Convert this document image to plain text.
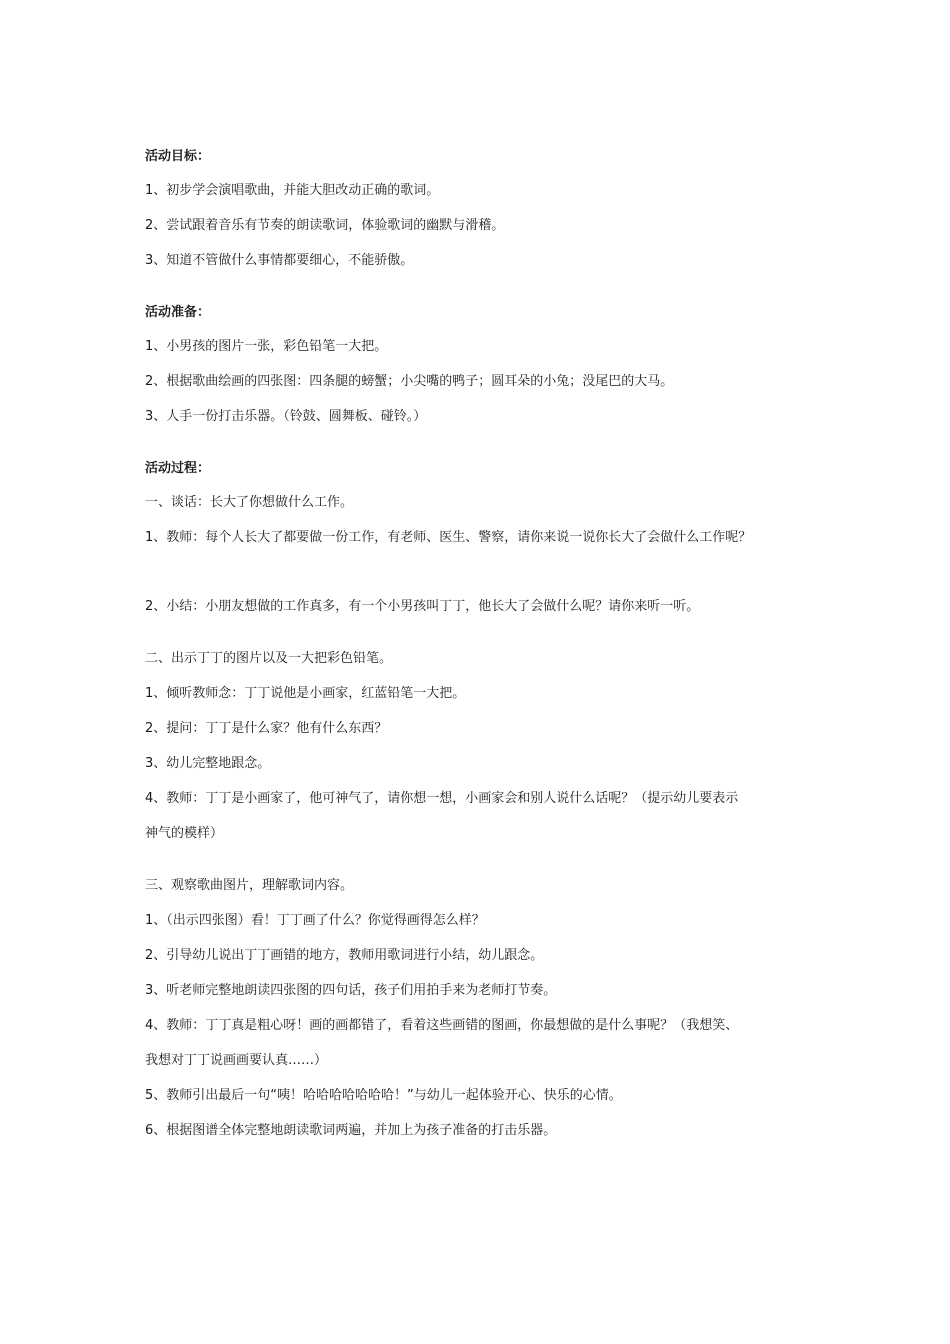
活动目标：
1、初步学会演唱歌曲，并能大胆改动正确的歌词。
2、尝试跟着音乐有节奏的朗读歌词，体验歌词的幽默与滑稽。
3、知道不管做什么事情都要细心，不能骄傲。
活动准备：
1、小男孩的图片一张，彩色铅笔一大把。
2、根据歌曲绘画的四张图：四条腿的螃蟹；小尖嘴的鸭子；圆耳朵的小兔；没尾巴的大马。
3、人手一份打击乐器。（铃鼓、圆舞板、碰铃。）
活动过程：
一、谈话：长大了你想做什么工作。
1、教师：每个人长大了都要做一份工作，有老师、医生、警察，请你来说一说你长大了会做什么工作呢？
2、小结：小朋友想做的工作真多，有一个小男孩叫丁丁，他长大了会做什么呢？请你来听一听。
二、出示丁丁的图片以及一大把彩色铅笔。
1、倾听教师念：丁丁说他是小画家，红蓝铅笔一大把。
2、提问：丁丁是什么家？他有什么东西？
3、幼儿完整地跟念。
4、教师：丁丁是小画家了，他可神气了，请你想一想，小画家会和别人说什么话呢？（提示幼儿要表示
神气的模样）
三、观察歌曲图片，理解歌词内容。
1、（出示四张图）看！丁丁画了什么？你觉得画得怎么样？
2、引导幼儿说出丁丁画错的地方，教师用歌词进行小结，幼儿跟念。
3、听老师完整地朗读四张图的四句话，孩子们用拍手来为老师打节奏。
4、教师：丁丁真是粗心呀！画的画都错了，看着这些画错的图画，你最想做的是什么事呢？（我想笑、
我想对丁丁说画画要认真……）
5、教师引出最后一句“咦！哈哈哈哈哈哈哈！”与幼儿一起体验开心、快乐的心情。
6、根据图谱全体完整地朗读歌词两遍，并加上为孩子准备的打击乐器。
